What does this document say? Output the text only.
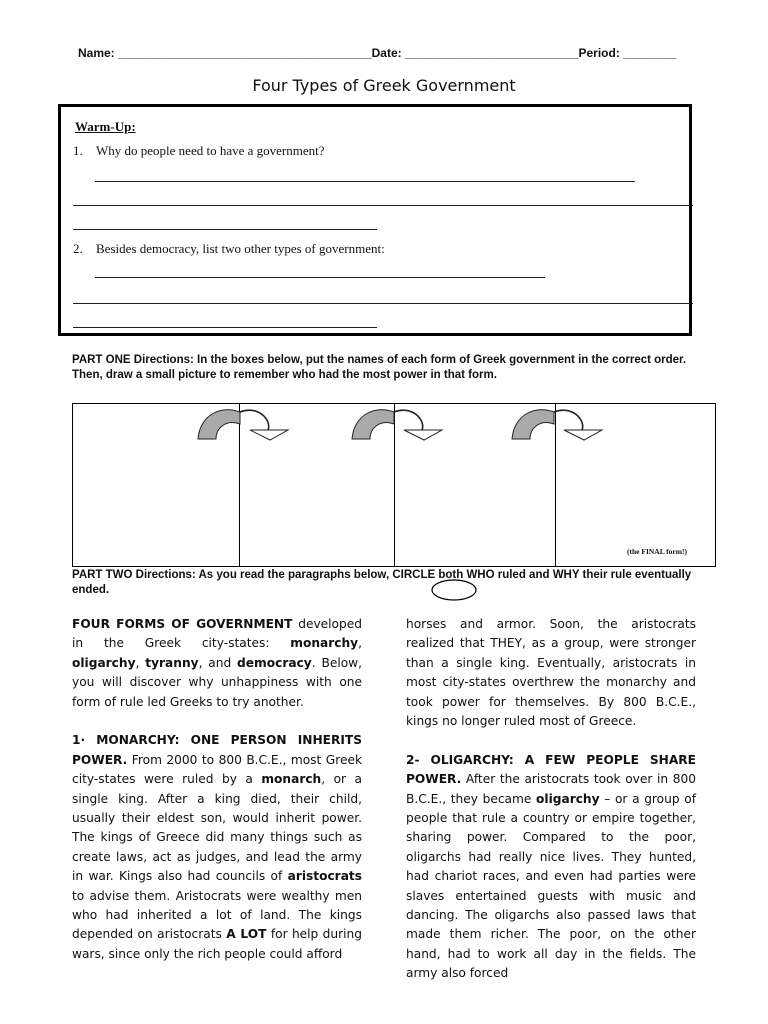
Name: ______________________________________Date: __________________________Period: ________
Four Types of Greek Government
Warm-Up:
1. Why do people need to have a government?
2. Besides democracy, list two other types of government:
PART ONE Directions: In the boxes below, put the names of each form of Greek government in the correct order. Then, draw a small picture to remember who had the most power in that form.
(the FINAL form!)
PART TWO Directions: As you read the paragraphs below, CIRCLE both WHO ruled and WHY their rule eventually ended.

FOUR FORMS OF GOVERNMENT developed in the Greek city-states: monarchy, oligarchy, tyranny, and democracy. Below, you will discover why unhappiness with one form of rule led Greeks to try another.

1· MONARCHY: ONE PERSON INHERITS POWER. From 2000 to 800 B.C.E., most Greek city-states were ruled by a monarch, or a single king. After a king died, their child, usually their eldest son, would inherit power. The kings of Greece did many things such as create laws, act as judges, and lead the army in war. Kings also had councils of aristocrats to advise them. Aristocrats were wealthy men who had inherited a lot of land. The kings depended on aristocrats A LOT for help during wars, since only the rich people could afford

horses and armor. Soon, the aristocrats realized that THEY, as a group, were stronger than a single king. Eventually, aristocrats in most city-states overthrew the monarchy and took power for themselves. By 800 B.C.E., kings no longer ruled most of Greece.

2- OLIGARCHY: A FEW PEOPLE SHARE POWER. After the aristocrats took over in 800 B.C.E., they became oligarchy – or a group of people that rule a country or empire together, sharing power. Compared to the poor, oligarchs had really nice lives. They hunted, had chariot races, and even had parties were slaves entertained guests with music and dancing. The oligarchs also passed laws that made them richer. The poor, on the other hand, had to work all day in the fields. The army also forced
